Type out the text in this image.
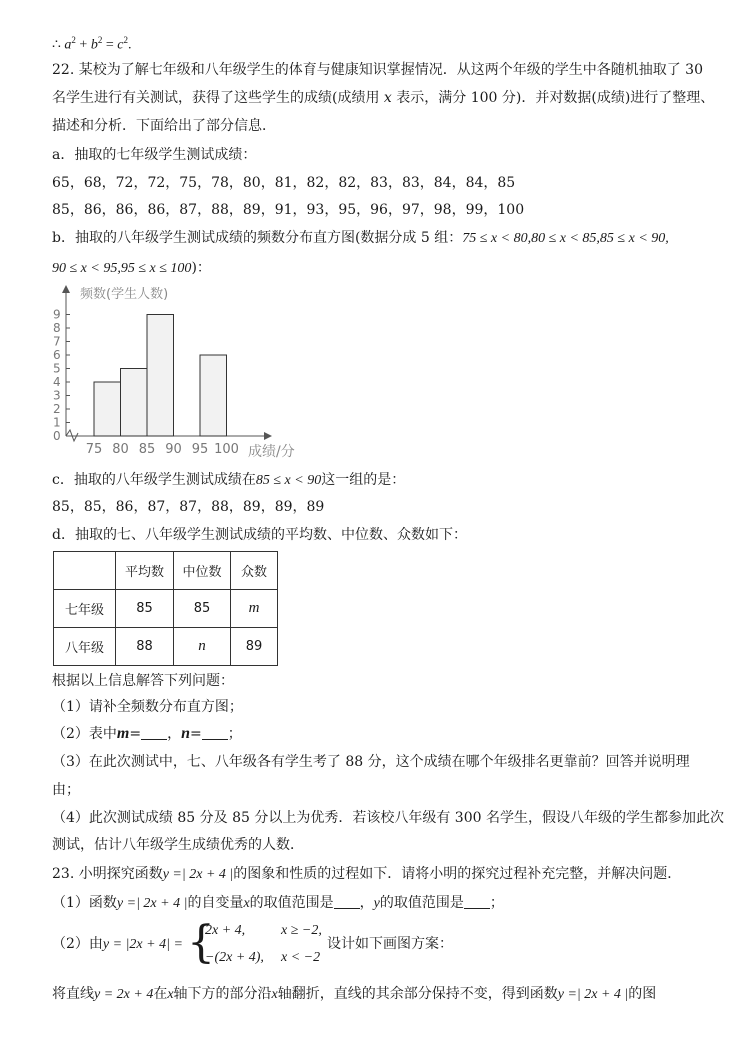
∴ $a^2 + b^2 = c^2$.
22. 某校为了解七年级和八年级学生的体育与健康知识掌握情况．从这两个年级的学生中各随机抽取了 30
名学生进行有关测试，获得了这些学生的成绩(成绩用 x 表示，满分 100 分)．并对数据(成绩)进行了整理、
描述和分析．下面给出了部分信息．
a．抽取的七年级学生测试成绩：
65，68，72，72，75，78，80，81，82，82，83，83，84，84，85
85，86，86，86，87，88，89，91，93，95，96，97，98，99，100
b．抽取的八年级学生测试成绩的频数分布直方图(数据分成 5 组：75 ≤ x < 80,80 ≤ x < 85,85 ≤ x < 90,
90 ≤ x < 95,95 ≤ x ≤ 100)：
频数(学生人数)
成绩/分
0
1
2
3
4
5
6
7
8
9
75 80 85 90 95 100
c．抽取的八年级学生测试成绩在85 ≤ x < 90这一组的是：
85，85，86，87，87，88，89，89，89
d．抽取的七、八年级学生测试成绩的平均数、中位数、众数如下：
	平均数	中位数	众数
七年级	85	85	m
八年级	88	n	89
根据以上信息解答下列问题：
（1）请补全频数分布直方图；
（2）表中m= ，n= ；
（3）在此次测试中，七、八年级各有学生考了 88 分，这个成绩在哪个年级排名更靠前？回答并说明理
由；
（4）此次测试成绩 85 分及 85 分以上为优秀．若该校八年级有 300 名学生，假设八年级的学生都参加此次
测试，估计八年级学生成绩优秀的人数．
23. 小明探究函数y =| 2x + 4 |的图象和性质的过程如下．请将小明的探究过程补充完整，并解决问题．
（1）函数y =| 2x + 4 |的自变量x的取值范围是 ，y的取值范围是 ；
（2）由y = |2x + 4| = {
2x + 4,	x ≥ −2,
−(2x + 4), x < −2
设计如下画图方案：
将直线y = 2x + 4在x轴下方的部分沿x轴翻折，直线的其余部分保持不变，得到函数y =| 2x + 4 |的图
